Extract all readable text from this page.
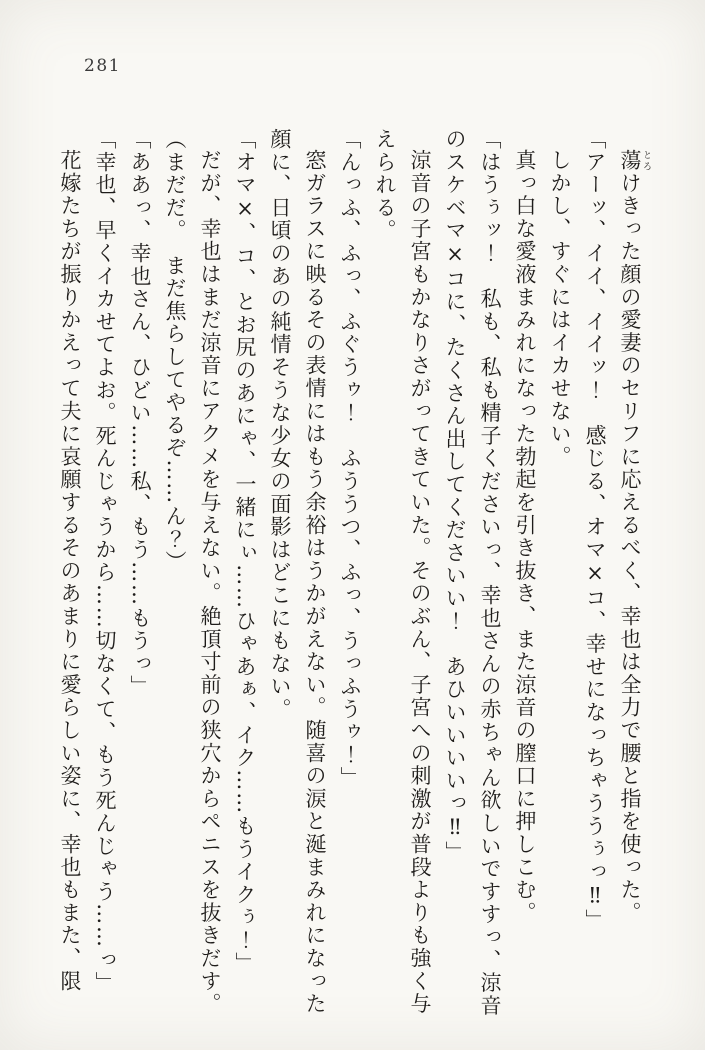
281

蕩 とろけきった顔の愛妻のセリフに応えるべく、幸也は全力で腰と指を使った。

「アーッ、イイ、イイッ！　感じる、オマ×コ、幸せになっちゃううぅっ‼」

しかし、すぐにはイカせない。

真っ白な愛液まみれになった勃起を引き抜き、また涼音の膣口に押しこむ。

「はうぅッ！　私も、私も精子くださいっ、幸也さんの赤ちゃん欲しいですすっ、涼音のスケベマ×コに、たくさん出してくださいい！　あひいいいいっ‼」

涼音の子宮もかなりさがってきていた。そのぶん、子宮への刺激が普段よりも強く与えられる。

「んっふ、ふっ、ふぐうゥ！　ふううつ、ふっ、うっふうゥ！」

窓ガラスに映るその表情にはもう余裕はうかがえない。随喜の涙と涎まみれになった顔に、日頃のあの純情そうな少女の面影はどこにもない。

「オマ×、コ、とお尻のあにゃ、一緒にぃ……ひゃあぁ、イク……もうイクぅ！」

だが、幸也はまだ涼音にアクメを与えない。絶頂寸前の狭穴からペニスを抜きだす。

（まだだ。　まだ焦らしてやるぞ……ん？）

「ああっ、幸也さん、ひどい……私、もう……もうっ」

「幸也、早くイカせてよお。死んじゃうから……切なくて、もう死んじゃう……っ」

花嫁たちが振りかえって夫に哀願するそのあまりに愛らしい姿に、幸也もまた、限
